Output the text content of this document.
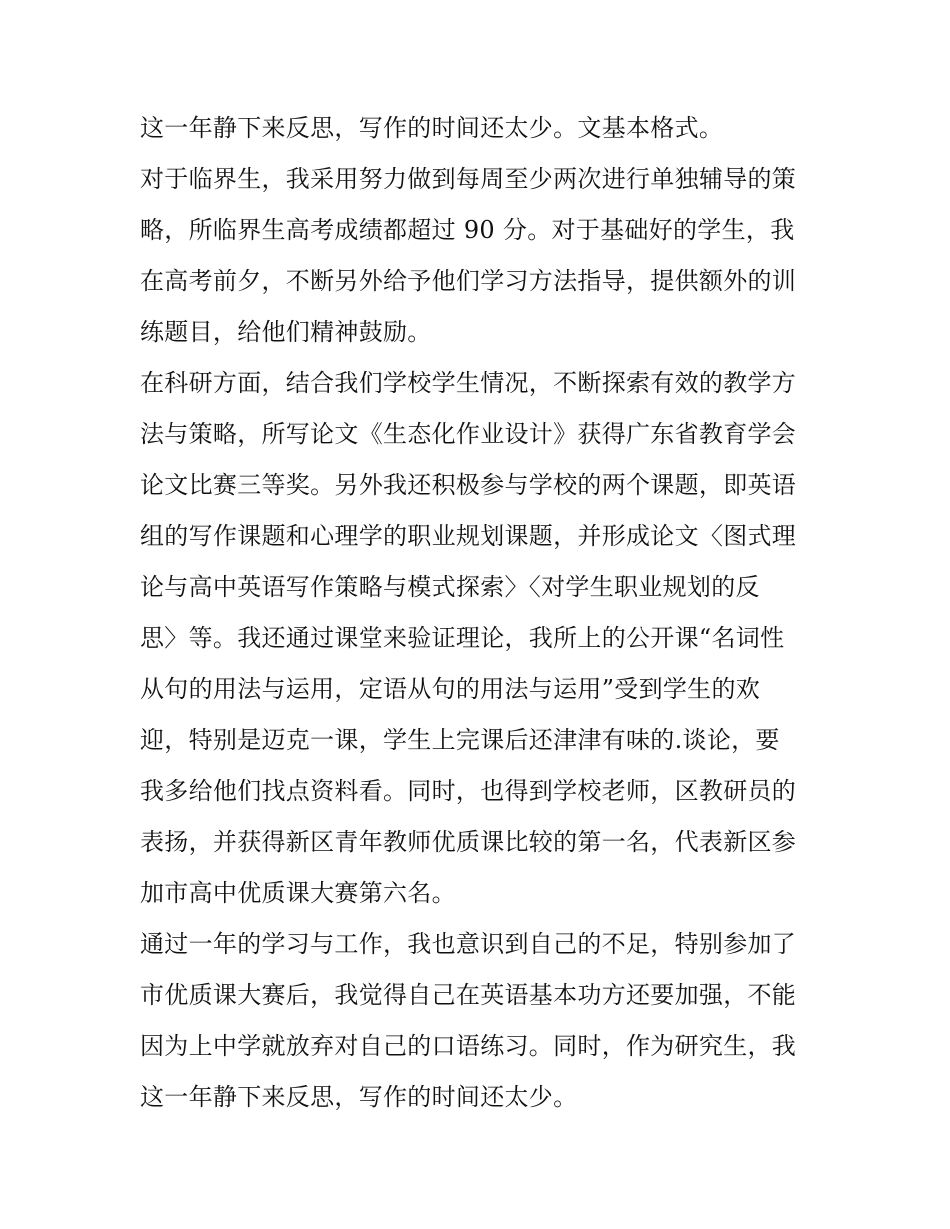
这一年静下来反思，写作的时间还太少。文基本格式。
对于临界生，我采用努力做到每周至少两次进行单独辅导的策
略，所临界生高考成绩都超过 90 分。对于基础好的学生，我
在高考前夕，不断另外给予他们学习方法指导，提供额外的训
练题目，给他们精神鼓励。
在科研方面，结合我们学校学生情况，不断探索有效的教学方
法与策略，所写论文《生态化作业设计》获得广东省教育学会
论文比赛三等奖。另外我还积极参与学校的两个课题，即英语
组的写作课题和心理学的职业规划课题，并形成论文〈图式理
论与高中英语写作策略与模式探索〉〈对学生职业规划的反
思〉等。我还通过课堂来验证理论，我所上的公开课“名词性
从句的用法与运用，定语从句的用法与运用”受到学生的欢
迎，特别是迈克一课，学生上完课后还津津有味的.谈论，要
我多给他们找点资料看。同时，也得到学校老师，区教研员的
表扬，并获得新区青年教师优质课比较的第一名，代表新区参
加市高中优质课大赛第六名。
通过一年的学习与工作，我也意识到自己的不足，特别参加了
市优质课大赛后，我觉得自己在英语基本功方还要加强，不能
因为上中学就放弃对自己的口语练习。同时，作为研究生，我
这一年静下来反思，写作的时间还太少。
